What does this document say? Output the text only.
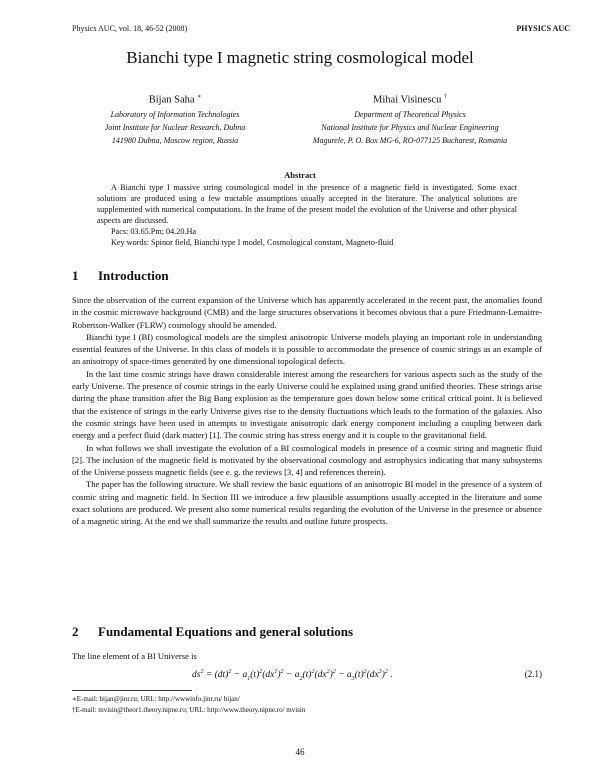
Physics AUC, vol. 18, 46-52 (2008)	PHYSICS AUC
Bianchi type I magnetic string cosmological model
Bijan Saha ∗
Laboratory of Information Technologies
Joint Institute for Nuclear Research, Dubna
141980 Dubna, Moscow region, Russia
Mihai Visinescu †
Department of Theoretical Physics
National Institute for Physics and Nuclear Engineering
Magurele, P. O. Box MG-6, RO-077125 Bucharest, Romania
Abstract

A Bianchi type I massive string cosmological model in the presence of a magnetic field is investigated. Some exact solutions are produced using a few tractable assumptions usually accepted in the literature. The analytical solutions are supplemented with numerical computations. In the frame of the present model the evolution of the Universe and other physical aspects are discussed.

Pacs: 03.65.Pm; 04.20.Ha

Key words: Spinor field, Bianchi type I model, Cosmological constant, Magneto-fluid

1 Introduction

Since the observation of the current expansion of the Universe which has apparently accelerated in the recent past, the anomalies found in the cosmic microwave background (CMB) and the large structures observations it becomes obvious that a pure Friedmann-Lemaitre-Robertson-Walker (FLRW) cosmology should be amended.

Bianchi type I (BI) cosmological models are the simplest anisotropic Universe models playing an important role in understanding essential features of the Universe. In this class of models it is possible to accommodate the presence of cosmic strings as an example of an anisotropy of space-times generated by one dimensional topological defects.

In the last time cosmic strings have drawn considerable interest among the researchers for various aspects such as the study of the early Universe. The presence of cosmic strings in the early Universe could be explained using grand unified theories. These strings arise during the phase transition after the Big Bang explosion as the temperature goes down below some critical critical point. It is believed that the existence of strings in the early Universe gives rise to the density fluctuations which leads to the formation of the galaxies. Also the cosmic strings have been used in attempts to investigate anisotropic dark energy component including a coupling between dark energy and a perfect fluid (dark matter) [1]. The cosmic string has stress energy and it is couple to the gravitational field.

In what follows we shall investigate the evolution of a BI cosmological models in presence of a cosmic string and magnetic fluid [2]. The inclusion of the magnetic field is motivated by the observational cosmology and astrophysics indicating that many subsystems of the Universe possess magnetic fields (see e. g. the reviews [3, 4] and references therein).

The paper has the following structure. We shall review the basic equations of an anisotropic BI model in the presence of a system of cosmic string and magnetic field. In Section III we introduce a few plausible assumptions usually accepted in the literature and some exact solutions are produced. We present also some numerical results regarding the evolution of the Universe in the presence or absence of a magnetic string. At the end we shall summarize the results and outline future prospects.

2 Fundamental Equations and general solutions
The line element of a BI Universe is
$ds^2 = (dt)^2 - a_1(t)^2(dx^1)^2 - a_2(t)^2(dx^2)^2 - a_3(t)^2(dx^3)^2$ .	(2.1)
∗E-mail: bijan@jinr.ru; URL: http://wwwinfo.jinr.ru/ bijan/
†E-mail: mvisin@theor1.theory.nipne.ro; URL: http://www.theory.nipne.ro/ mvisin
46
